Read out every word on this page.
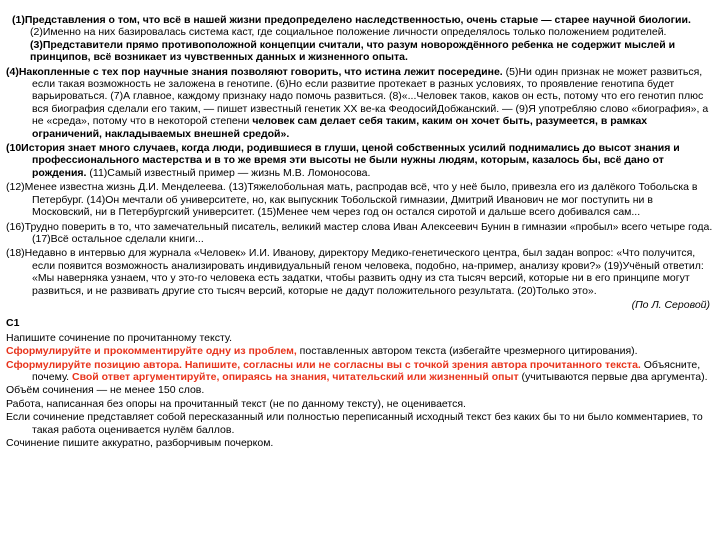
(1)Представления о том, что всё в нашей жизни предопределено наследственностью, очень старые — старее научной биологии. (2)Именно на них базировалась система каст, где социальное положение личности определялось только положением родителей. (3)Представители прямо противоположной концепции считали, что разум новорождённого ребенка не содержит мыслей и принципов, всё возникает из чувственных данных и жизненного опыта.

(4)Накопленные с тех пор научные знания позволяют говорить, что истина лежит посередине. (5)Ни один признак не может развиться, если такая возможность не заложена в генотипе. (6)Но если развитие протекает в разных условиях, то проявление генотипа будет варьироваться. (7)А главное, каждому признаку надо помочь развиться. (8)«...Человек таков, каков он есть, потому что его генотип плюс вся биография сделали его таким, — пишет известный генетик XX ве-ка ФеодосийДобжанский. — (9)Я употребляю слово «биография», а не «среда», потому что в некоторой степени человек сам делает себя таким, каким он хочет быть, разумеется, в рамках ограничений, накладываемых внешней средой».

(10История знает много случаев, когда люди, родившиеся в глуши, ценой собственных усилий поднимались до высот знания и профессионального мастерства и в то же время эти высоты не были нужны людям, которым, казалось бы, всё дано от рождения. (11)Самый известный пример — жизнь М.В. Ломоносова.

(12)Менее известна жизнь Д.И. Менделеева. (13)Тяжелобольная мать, распродав всё, что у неё было, привезла его из далёкого Тобольска в Петербург. (14)Он мечтали об университете, но, как выпускник Тобольской гимназии, Дмитрий Иванович не мог поступить ни в Московский, ни в Петербургский университет. (15)Менее чем через год он остался сиротой и дальше всего добивался сам...

(16)Трудно поверить в то, что замечательный писатель, великий мастер слова Иван Алексеевич Бунин в гимназии «пробыл» всего четыре года. (17)Всё остальное сделали книги...

(18)Недавно в интервью для журнала «Человек» И.И. Иванову, директору Медико-генетического центра, был задан вопрос: «Что получится, если появится возможность анализировать индивидуальный геном человека, подобно, на-пример, анализу крови?» (19)Учёный ответил: «Мы наверняка узнаем, что у это-го человека есть задатки, чтобы развить одну из ста тысяч версий, которые ни в его принципе могут развиться, и не развивать другие сто тысяч версий, которые не дадут положительного результата. (20)Только это».

(По Л. Серовой)

С1

Напишите сочинение по прочитанному тексту.

Сформулируйте и прокомментируйте одну из проблем, поставленных автором текста (избегайте чрезмерного цитирования).

Сформулируйте позицию автора. Напишите, согласны или не согласны вы с точкой зрения автора прочитанного текста. Объясните, почему. Свой ответ аргументируйте, опираясь на знания, читательский или жизненный опыт (учитываются первые два аргумента).

Объём сочинения — не менее 150 слов.

Работа, написанная без опоры на прочитанный текст (не по данному тексту), не оценивается.

Если сочинение представляет собой пересказанный или полностью переписанный исходный текст без каких бы то ни было комментариев, то такая работа оценивается нулём баллов.

Сочинение пишите аккуратно, разборчивым почерком.
